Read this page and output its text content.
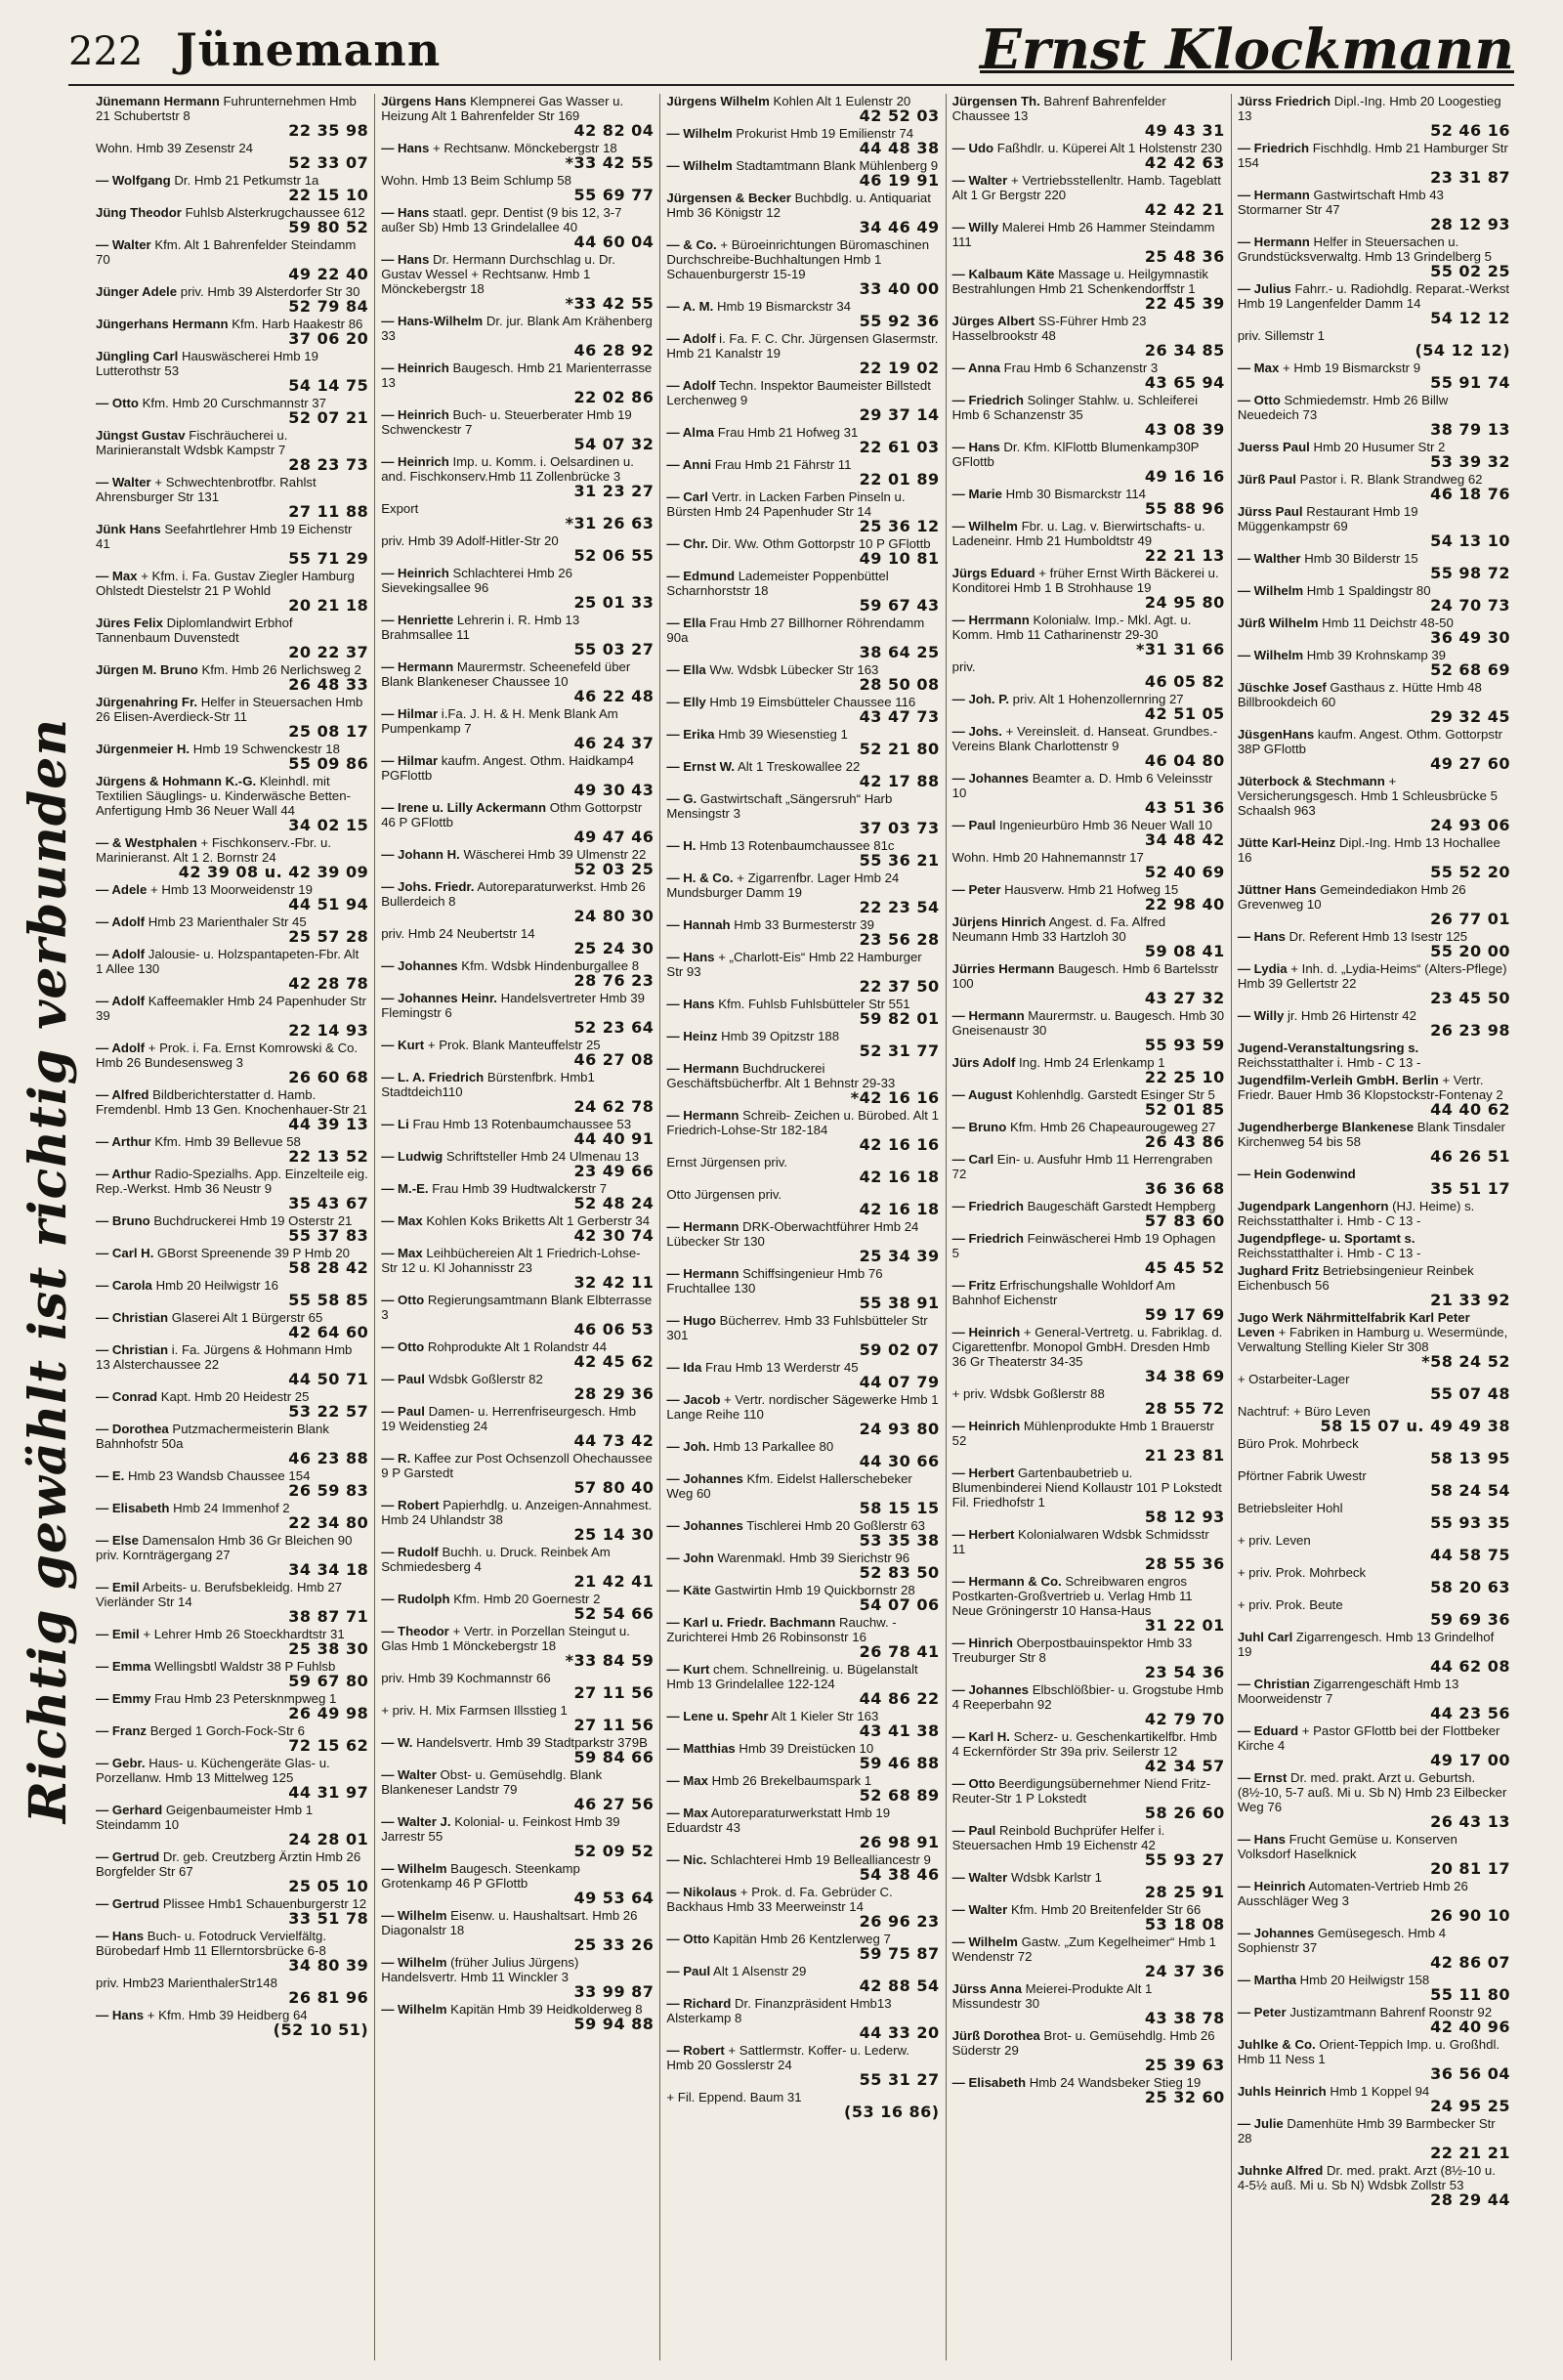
222 Jünemann	Ernst Klockmann
Richtig gewählt ist richtig verbunden
Jünemann Hermann Fuhrunternehmen Hmb 21 Schubertstr 8
22 35 98
Wohn. Hmb 39 Zesenstr 24
52 33 07
— Wolfgang Dr. Hmb 21 Petkumstr 1a
22 15 10
Jüng Theodor Fuhlsb Alsterkrugchaussee 612
59 80 52
— Walter Kfm. Alt 1 Bahrenfelder Steindamm 70
49 22 40
Jünger Adele priv. Hmb 39 Alsterdorfer Str 30
52 79 84
Jüngerhans Hermann Kfm. Harb Haakestr 86
37 06 20
Jüngling Carl Hauswäscherei Hmb 19 Lutterothstr 53
54 14 75
— Otto Kfm. Hmb 20 Curschmannstr 37
52 07 21
Jüngst Gustav Fischräucherei u. Marinieranstalt Wdsbk Kampstr 7
28 23 73
— Walter + Schwechtenbrotfbr. Rahlst Ahrensburger Str 131
27 11 88
Jünk Hans Seefahrtlehrer Hmb 19 Eichenstr 41
55 71 29
— Max + Kfm. i. Fa. Gustav Ziegler Hamburg Ohlstedt Diestelstr 21 P Wohld
20 21 18
Jüres Felix Diplomlandwirt Erbhof Tannenbaum Duvenstedt
20 22 37
Jürgen M. Bruno Kfm. Hmb 26 Nerlichsweg 2
26 48 33
Jürgenahring Fr. Helfer in Steuersachen Hmb 26 Elisen-Averdieck-Str 11
25 08 17
Jürgenmeier H. Hmb 19 Schwenckestr 18
55 09 86
Jürgens & Hohmann K.-G. Kleinhdl. mit Textilien Säuglings- u. Kinderwäsche Betten-Anfertigung Hmb 36 Neuer Wall 44
34 02 15
— & Westphalen + Fischkonserv.-Fbr. u. Marinieranst. Alt 1 2. Bornstr 24
42 39 08 u. 42 39 09
— Adele + Hmb 13 Moorweidenstr 19
44 51 94
— Adolf Hmb 23 Marienthaler Str 45
25 57 28
— Adolf Jalousie- u. Holzspantapeten-Fbr. Alt 1 Allee 130
42 28 78
— Adolf Kaffeemakler Hmb 24 Papenhuder Str 39
22 14 93
— Adolf + Prok. i. Fa. Ernst Komrowski & Co. Hmb 26 Bundesensweg 3
26 60 68
— Alfred Bildberichterstatter d. Hamb. Fremdenbl. Hmb 13 Gen. Knochenhauer-Str 21
44 39 13
— Arthur Kfm. Hmb 39 Bellevue 58
22 13 52
— Arthur Radio-Spezialhs. App. Einzelteile eig. Rep.-Werkst. Hmb 36 Neustr 9
35 43 67
— Bruno Buchdruckerei Hmb 19 Osterstr 21
55 37 83
— Carl H. GBorst Spreenende 39 P Hmb 20
58 28 42
— Carola Hmb 20 Heilwigstr 16
55 58 85
— Christian Glaserei Alt 1 Bürgerstr 65
42 64 60
— Christian i. Fa. Jürgens & Hohmann Hmb 13 Alsterchaussee 22
44 50 71
— Conrad Kapt. Hmb 20 Heidestr 25
53 22 57
— Dorothea Putzmachermeisterin Blank Bahnhofstr 50a
46 23 88
— E. Hmb 23 Wandsb Chaussee 154
26 59 83
— Elisabeth Hmb 24 Immenhof 2
22 34 80
— Else Damensalon Hmb 36 Gr Bleichen 90 priv. Kornträgergang 27
34 34 18
— Emil Arbeits- u. Berufsbekleidg. Hmb 27 Vierländer Str 14
38 87 71
— Emil + Lehrer Hmb 26 Stoeckhardtstr 31
25 38 30
— Emma Wellingsbtl Waldstr 38 P Fuhlsb
59 67 80
— Emmy Frau Hmb 23 Petersknmpweg 1
26 49 98
— Franz Berged 1 Gorch-Fock-Str 6
72 15 62
— Gebr. Haus- u. Küchengeräte Glas- u. Porzellanw. Hmb 13 Mittelweg 125
44 31 97
— Gerhard Geigenbaumeister Hmb 1 Steindamm 10
24 28 01
— Gertrud Dr. geb. Creutzberg Ärztin Hmb 26 Borgfelder Str 67
25 05 10
— Gertrud Plissee Hmb1 Schauenburgerstr 12
33 51 78
— Hans Buch- u. Fotodruck Vervielfältg. Bürobedarf Hmb 11 Ellerntorsbrücke 6-8
34 80 39
priv. Hmb23 MarienthalerStr148
26 81 96
— Hans + Kfm. Hmb 39 Heidberg 64
(52 10 51)
Jürgens Hans Klempnerei Gas Wasser u. Heizung Alt 1 Bahrenfelder Str 169
42 82 04
— Hans + Rechtsanw. Mönckebergstr 18
*33 42 55
Wohn. Hmb 13 Beim Schlump 58
55 69 77
— Hans staatl. gepr. Dentist (9 bis 12, 3-7 außer Sb) Hmb 13 Grindelallee 40
44 60 04
— Hans Dr. Hermann Durchschlag u. Dr. Gustav Wessel + Rechtsanw. Hmb 1 Mönckebergstr 18
*33 42 55
— Hans-Wilhelm Dr. jur. Blank Am Krähenberg 33
46 28 92
— Heinrich Baugesch. Hmb 21 Marienterrasse 13
22 02 86
— Heinrich Buch- u. Steuerberater Hmb 19 Schwenckestr 7
54 07 32
— Heinrich Imp. u. Komm. i. Oelsardinen u. and. Fischkonserv.Hmb 11 Zollenbrücke 3
31 23 27
Export
*31 26 63
priv. Hmb 39 Adolf-Hitler-Str 20
52 06 55
— Heinrich Schlachterei Hmb 26 Sievekingsallee 96
25 01 33
— Henriette Lehrerin i. R. Hmb 13 Brahmsallee 11
55 03 27
— Hermann Maurermstr. Scheenefeld über Blank Blankeneser Chaussee 10
46 22 48
— Hilmar i.Fa. J. H. & H. Menk Blank Am Pumpenkamp 7
46 24 37
— Hilmar kaufm. Angest. Othm. Haidkamp4 PGFlottb
49 30 43
— Irene u. Lilly Ackermann Othm Gottorpstr 46 P GFlottb
49 47 46
— Johann H. Wäscherei Hmb 39 Ulmenstr 22
52 03 25
— Johs. Friedr. Autoreparaturwerkst. Hmb 26 Bullerdeich 8
24 80 30
priv. Hmb 24 Neubertstr 14
25 24 30
— Johannes Kfm. Wdsbk Hindenburgallee 8
28 76 23
— Johannes Heinr. Handelsvertreter Hmb 39 Flemingstr 6
52 23 64
— Kurt + Prok. Blank Manteuffelstr 25
46 27 08
— L. A. Friedrich Bürstenfbrk. Hmb1 Stadtdeich110
24 62 78
— Li Frau Hmb 13 Rotenbaumchaussee 53
44 40 91
— Ludwig Schriftsteller Hmb 24 Ulmenau 13
23 49 66
— M.-E. Frau Hmb 39 Hudtwalckerstr 7
52 48 24
— Max Kohlen Koks Briketts Alt 1 Gerberstr 34
42 30 74
— Max Leihbüchereien Alt 1 Friedrich-Lohse-Str 12 u. Kl Johannisstr 23
32 42 11
— Otto Regierungsamtmann Blank Elbterrasse 3
46 06 53
— Otto Rohprodukte Alt 1 Rolandstr 44
42 45 62
— Paul Wdsbk Goßlerstr 82
28 29 36
— Paul Damen- u. Herrenfriseurgesch. Hmb 19 Weidenstieg 24
44 73 42
— R. Kaffee zur Post Ochsenzoll Ohechaussee 9 P Garstedt
57 80 40
— Robert Papierhdlg. u. Anzeigen-Annahmest. Hmb 24 Uhlandstr 38
25 14 30
— Rudolf Buchh. u. Druck. Reinbek Am Schmiedesberg 4
21 42 41
— Rudolph Kfm. Hmb 20 Goernestr 2
52 54 66
— Theodor + Vertr. in Porzellan Steingut u. Glas Hmb 1 Mönckebergstr 18
*33 84 59
priv. Hmb 39 Kochmannstr 66
27 11 56
+ priv. H. Mix Farmsen Illsstieg 1
27 11 56
— W. Handelsvertr. Hmb 39 Stadtparkstr 379B
59 84 66
— Walter Obst- u. Gemüsehdlg. Blank Blankeneser Landstr 79
46 27 56
— Walter J. Kolonial- u. Feinkost Hmb 39 Jarrestr 55
52 09 52
— Wilhelm Baugesch. Steenkamp Grotenkamp 46 P GFlottb
49 53 64
— Wilhelm Eisenw. u. Haushaltsart. Hmb 26 Diagonalstr 18
25 33 26
— Wilhelm (früher Julius Jürgens) Handelsvertr. Hmb 11 Winckler 3
33 99 87
— Wilhelm Kapitän Hmb 39 Heidkolderweg 8
59 94 88
Jürgens Wilhelm Kohlen Alt 1 Eulenstr 20
42 52 03
— Wilhelm Prokurist Hmb 19 Emilienstr 74
44 48 38
— Wilhelm Stadtamtmann Blank Mühlenberg 9
46 19 91
Jürgensen & Becker Buchbdlg. u. Antiquariat Hmb 36 Königstr 12
34 46 49
— & Co. + Büroeinrichtungen Büromaschinen Durchschreibe-Buchhaltungen Hmb 1 Schauenburgerstr 15-19
33 40 00
— A. M. Hmb 19 Bismarckstr 34
55 92 36
— Adolf i. Fa. F. C. Chr. Jürgensen Glasermstr. Hmb 21 Kanalstr 19
22 19 02
— Adolf Techn. Inspektor Baumeister Billstedt Lerchenweg 9
29 37 14
— Alma Frau Hmb 21 Hofweg 31
22 61 03
— Anni Frau Hmb 21 Fährstr 11
22 01 89
— Carl Vertr. in Lacken Farben Pinseln u. Bürsten Hmb 24 Papenhuder Str 14
25 36 12
— Chr. Dir. Ww. Othm Gottorpstr 10 P GFlottb
49 10 81
— Edmund Lademeister Poppenbüttel Scharnhorststr 18
59 67 43
— Ella Frau Hmb 27 Billhorner Röhrendamm 90a
38 64 25
— Ella Ww. Wdsbk Lübecker Str 163
28 50 08
— Elly Hmb 19 Eimsbütteler Chaussee 116
43 47 73
— Erika Hmb 39 Wiesenstieg 1
52 21 80
— Ernst W. Alt 1 Treskowallee 22
42 17 88
— G. Gastwirtschaft „Sängersruh“ Harb Mensingstr 3
37 03 73
— H. Hmb 13 Rotenbaumchaussee 81c
55 36 21
— H. & Co. + Zigarrenfbr. Lager Hmb 24 Mundsburger Damm 19
22 23 54
— Hannah Hmb 33 Burmesterstr 39
23 56 28
— Hans + „Charlott-Eis“ Hmb 22 Hamburger Str 93
22 37 50
— Hans Kfm. Fuhlsb Fuhlsbütteler Str 551
59 82 01
— Heinz Hmb 39 Opitzstr 188
52 31 77
— Hermann Buchdruckerei Geschäftsbücherfbr. Alt 1 Behnstr 29-33
*42 16 16
— Hermann Schreib- Zeichen u. Bürobed. Alt 1 Friedrich-Lohse-Str 182-184
42 16 16
Ernst Jürgensen priv.
42 16 18
Otto Jürgensen priv.
42 16 18
— Hermann DRK-Oberwachtführer Hmb 24 Lübecker Str 130
25 34 39
— Hermann Schiffsingenieur Hmb 76 Fruchtallee 130
55 38 91
— Hugo Bücherrev. Hmb 33 Fuhlsbütteler Str 301
59 02 07
— Ida Frau Hmb 13 Werderstr 45
44 07 79
— Jacob + Vertr. nordischer Sägewerke Hmb 1 Lange Reihe 110
24 93 80
— Joh. Hmb 13 Parkallee 80
44 30 66
— Johannes Kfm. Eidelst Hallerschebeker Weg 60
58 15 15
— Johannes Tischlerei Hmb 20 Goßlerstr 63
53 35 38
— John Warenmakl. Hmb 39 Sierichstr 96
52 83 50
— Käte Gastwirtin Hmb 19 Quickbornstr 28
54 07 06
— Karl u. Friedr. Bachmann Rauchw. - Zurichterei Hmb 26 Robinsonstr 16
26 78 41
— Kurt chem. Schnellreinig. u. Bügelanstalt Hmb 13 Grindelallee 122-124
44 86 22
— Lene u. Spehr Alt 1 Kieler Str 163
43 41 38
— Matthias Hmb 39 Dreistücken 10
59 46 88
— Max Hmb 26 Brekelbaumspark 1
52 68 89
— Max Autoreparaturwerkstatt Hmb 19 Eduardstr 43
26 98 91
— Nic. Schlachterei Hmb 19 Bellealliancestr 9
54 38 46
— Nikolaus + Prok. d. Fa. Gebrüder C. Backhaus Hmb 33 Meerweinstr 14
26 96 23
— Otto Kapitän Hmb 26 Kentzlerweg 7
59 75 87
— Paul Alt 1 Alsenstr 29
42 88 54
— Richard Dr. Finanzpräsident Hmb13 Alsterkamp 8
44 33 20
— Robert + Sattlermstr. Koffer- u. Lederw. Hmb 20 Gosslerstr 24
55 31 27
+ Fil. Eppend. Baum 31
(53 16 86)
Jürgensen Th. Bahrenf Bahrenfelder Chaussee 13
49 43 31
— Udo Faßhdlr. u. Küperei Alt 1 Holstenstr 230
42 42 63
— Walter + Vertriebsstellenltr. Hamb. Tageblatt Alt 1 Gr Bergstr 220
42 42 21
— Willy Malerei Hmb 26 Hammer Steindamm 111
25 48 36
— Kalbaum Käte Massage u. Heilgymnastik Bestrahlungen Hmb 21 Schenkendorffstr 1
22 45 39
Jürges Albert SS-Führer Hmb 23 Hasselbrookstr 48
26 34 85
— Anna Frau Hmb 6 Schanzenstr 3
43 65 94
— Friedrich Solinger Stahlw. u. Schleiferei Hmb 6 Schanzenstr 35
43 08 39
— Hans Dr. Kfm. KlFlottb Blumenkamp30P GFlottb
49 16 16
— Marie Hmb 30 Bismarckstr 114
55 88 96
— Wilhelm Fbr. u. Lag. v. Bierwirtschafts- u. Ladeneinr. Hmb 21 Humboldtstr 49
22 21 13
Jürgs Eduard + früher Ernst Wirth Bäckerei u. Konditorei Hmb 1 B Strohhause 19
24 95 80
— Herrmann Kolonialw. Imp.- Mkl. Agt. u. Komm. Hmb 11 Catharinenstr 29-30
*31 31 66
priv.
46 05 82
— Joh. P. priv. Alt 1 Hohenzollernring 27
42 51 05
— Johs. + Vereinsleit. d. Hanseat. Grundbes.-Vereins Blank Charlottenstr 9
46 04 80
— Johannes Beamter a. D. Hmb 6 Veleinsstr 10
43 51 36
— Paul Ingenieurbüro Hmb 36 Neuer Wall 10
34 48 42
Wohn. Hmb 20 Hahnemannstr 17
52 40 69
— Peter Hausverw. Hmb 21 Hofweg 15
22 98 40
Jürjens Hinrich Angest. d. Fa. Alfred Neumann Hmb 33 Hartzloh 30
59 08 41
Jürries Hermann Baugesch. Hmb 6 Bartelsstr 100
43 27 32
— Hermann Maurermstr. u. Baugesch. Hmb 30 Gneisenaustr 30
55 93 59
Jürs Adolf Ing. Hmb 24 Erlenkamp 1
22 25 10
— August Kohlenhdlg. Garstedt Esinger Str 5
52 01 85
— Bruno Kfm. Hmb 26 Chapeaurougeweg 27
26 43 86
— Carl Ein- u. Ausfuhr Hmb 11 Herrengraben 72
36 36 68
— Friedrich Baugeschäft Garstedt Hempberg
57 83 60
— Friedrich Feinwäscherei Hmb 19 Ophagen 5
45 45 52
— Fritz Erfrischungshalle Wohldorf Am Bahnhof Eichenstr
59 17 69
— Heinrich + General-Vertretg. u. Fabriklag. d. Cigarettenfbr. Monopol GmbH. Dresden Hmb 36 Gr Theaterstr 34-35
34 38 69
+ priv. Wdsbk Goßlerstr 88
28 55 72
— Heinrich Mühlenprodukte Hmb 1 Brauerstr 52
21 23 81
— Herbert Gartenbaubetrieb u. Blumenbinderei Niend Kollaustr 101 P Lokstedt Fil. Friedhofstr 1
58 12 93
— Herbert Kolonialwaren Wdsbk Schmidsstr 11
28 55 36
— Hermann & Co. Schreibwaren engros Postkarten-Großvertrieb u. Verlag Hmb 11 Neue Gröningerstr 10 Hansa-Haus
31 22 01
— Hinrich Oberpostbauinspektor Hmb 33 Treuburger Str 8
23 54 36
— Johannes Elbschlößbier- u. Grogstube Hmb 4 Reeperbahn 92
42 79 70
— Karl H. Scherz- u. Geschenkartikelfbr. Hmb 4 Eckernförder Str 39a priv. Seilerstr 12
42 34 57
— Otto Beerdigungsübernehmer Niend Fritz-Reuter-Str 1 P Lokstedt
58 26 60
— Paul Reinbold Buchprüfer Helfer i. Steuersachen Hmb 19 Eichenstr 42
55 93 27
— Walter Wdsbk Karlstr 1
28 25 91
— Walter Kfm. Hmb 20 Breitenfelder Str 66
53 18 08
— Wilhelm Gastw. „Zum Kegelheimer“ Hmb 1 Wendenstr 72
24 37 36
Jürss Anna Meierei-Produkte Alt 1 Missundestr 30
43 38 78
Jürß Dorothea Brot- u. Gemüsehdlg. Hmb 26 Süderstr 29
25 39 63
— Elisabeth Hmb 24 Wandsbeker Stieg 19
25 32 60
Jürss Friedrich Dipl.-Ing. Hmb 20 Loogestieg 13
52 46 16
— Friedrich Fischhdlg. Hmb 21 Hamburger Str 154
23 31 87
— Hermann Gastwirtschaft Hmb 43 Stormarner Str 47
28 12 93
— Hermann Helfer in Steuersachen u. Grundstücksverwaltg. Hmb 13 Grindelberg 5
55 02 25
— Julius Fahrr.- u. Radiohdlg. Reparat.-Werkst Hmb 19 Langenfelder Damm 14
54 12 12
priv. Sillemstr 1
(54 12 12)
— Max + Hmb 19 Bismarckstr 9
55 91 74
— Otto Schmiedemstr. Hmb 26 Billw Neuedeich 73
38 79 13
Juerss Paul Hmb 20 Husumer Str 2
53 39 32
Jürß Paul Pastor i. R. Blank Strandweg 62
46 18 76
Jürss Paul Restaurant Hmb 19 Müggenkampstr 69
54 13 10
— Walther Hmb 30 Bilderstr 15
55 98 72
— Wilhelm Hmb 1 Spaldingstr 80
24 70 73
Jürß Wilhelm Hmb 11 Deichstr 48-50
36 49 30
— Wilhelm Hmb 39 Krohnskamp 39
52 68 69
Jüschke Josef Gasthaus z. Hütte Hmb 48 Billbrookdeich 60
29 32 45
JüsgenHans kaufm. Angest. Othm. Gottorpstr 38P GFlottb
49 27 60
Jüterbock & Stechmann + Versicherungsgesch. Hmb 1 Schleusbrücke 5 Schaalsh 963
24 93 06
Jütte Karl-Heinz Dipl.-Ing. Hmb 13 Hochallee 16
55 52 20
Jüttner Hans Gemeindediakon Hmb 26 Grevenweg 10
26 77 01
— Hans Dr. Referent Hmb 13 Isestr 125
55 20 00
— Lydia + Inh. d. „Lydia-Heims“ (Alters-Pflege) Hmb 39 Gellertstr 22
23 45 50
— Willy jr. Hmb 26 Hirtenstr 42
26 23 98
Jugend-Veranstaltungsring s. Reichsstatthalter i. Hmb - C 13 -
Jugendfilm-Verleih GmbH. Berlin + Vertr. Friedr. Bauer Hmb 36 Klopstockstr-Fontenay 2
44 40 62
Jugendherberge Blankenese Blank Tinsdaler Kirchenweg 54 bis 58
46 26 51
— Hein Godenwind
35 51 17
Jugendpark Langenhorn (HJ. Heime) s. Reichsstatthalter i. Hmb - C 13 -
Jugendpflege- u. Sportamt s. Reichsstatthalter i. Hmb - C 13 -
Jughard Fritz Betriebsingenieur Reinbek Eichenbusch 56
21 33 92
Jugo Werk Nährmittelfabrik Karl Peter Leven + Fabriken in Hamburg u. Wesermünde, Verwaltung Stelling Kieler Str 308
*58 24 52
+ Ostarbeiter-Lager
55 07 48
Nachtruf: + Büro Leven
58 15 07 u. 49 49 38
Büro Prok. Mohrbeck
58 13 95
Pförtner Fabrik Uwestr
58 24 54
Betriebsleiter Hohl
55 93 35
+ priv. Leven
44 58 75
+ priv. Prok. Mohrbeck
58 20 63
+ priv. Prok. Beute
59 69 36
Juhl Carl Zigarrengesch. Hmb 13 Grindelhof 19
44 62 08
— Christian Zigarrengeschäft Hmb 13 Moorweidenstr 7
44 23 56
— Eduard + Pastor GFlottb bei der Flottbeker Kirche 4
49 17 00
— Ernst Dr. med. prakt. Arzt u. Geburtsh. (8½-10, 5-7 auß. Mi u. Sb N) Hmb 23 Eilbecker Weg 76
26 43 13
— Hans Frucht Gemüse u. Konserven Volksdorf Haselknick
20 81 17
— Heinrich Automaten-Vertrieb Hmb 26 Ausschläger Weg 3
26 90 10
— Johannes Gemüsegesch. Hmb 4 Sophienstr 37
42 86 07
— Martha Hmb 20 Heilwigstr 158
55 11 80
— Peter Justizamtmann Bahrenf Roonstr 92
42 40 96
Juhlke & Co. Orient-Teppich Imp. u. Großhdl. Hmb 11 Ness 1
36 56 04
Juhls Heinrich Hmb 1 Koppel 94
24 95 25
— Julie Damenhüte Hmb 39 Barmbecker Str 28
22 21 21
Juhnke Alfred Dr. med. prakt. Arzt (8½-10 u. 4-5½ auß. Mi u. Sb N) Wdsbk Zollstr 53
28 29 44
